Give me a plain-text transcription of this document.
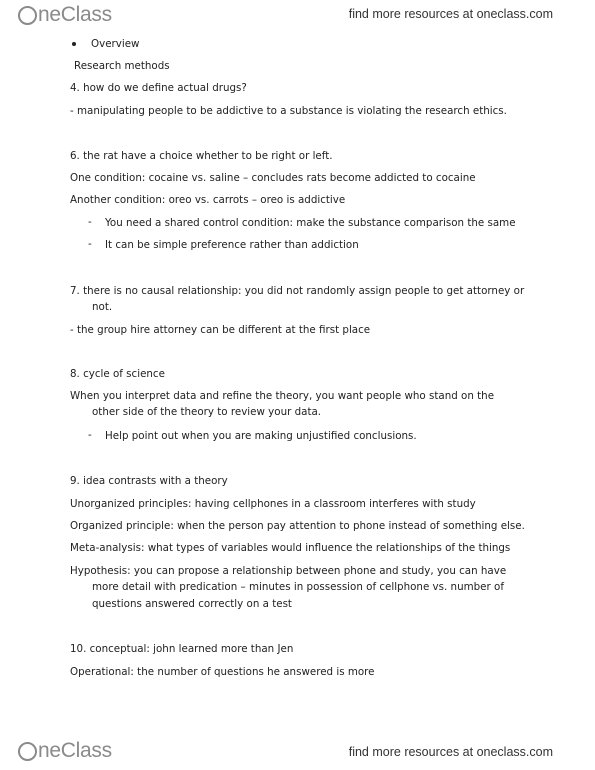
neClass	find more resources at oneclass.com
Overview
Research methods
4. how do we define actual drugs?
- manipulating people to be addictive to a substance is violating the research ethics.
6. the rat have a choice whether to be right or left.
One condition: cocaine vs. saline – concludes rats become addicted to cocaine
Another condition: oreo vs. carrots – oreo is addictive
- You need a shared control condition: make the substance comparison the same
- It can be simple preference rather than addiction
7. there is no causal relationship: you did not randomly assign people to get attorney or
not.
- the group hire attorney can be different at the first place
8. cycle of science
When you interpret data and refine the theory, you want people who stand on the
other side of the theory to review your data.
- Help point out when you are making unjustified conclusions.
9. idea contrasts with a theory
Unorganized principles: having cellphones in a classroom interferes with study
Organized principle: when the person pay attention to phone instead of something else.
Meta-analysis: what types of variables would influence the relationships of the things
Hypothesis: you can propose a relationship between phone and study, you can have
more detail with predication – minutes in possession of cellphone vs. number of
questions answered correctly on a test
10. conceptual: john learned more than Jen
Operational: the number of questions he answered is more
neClass	find more resources at oneclass.com
